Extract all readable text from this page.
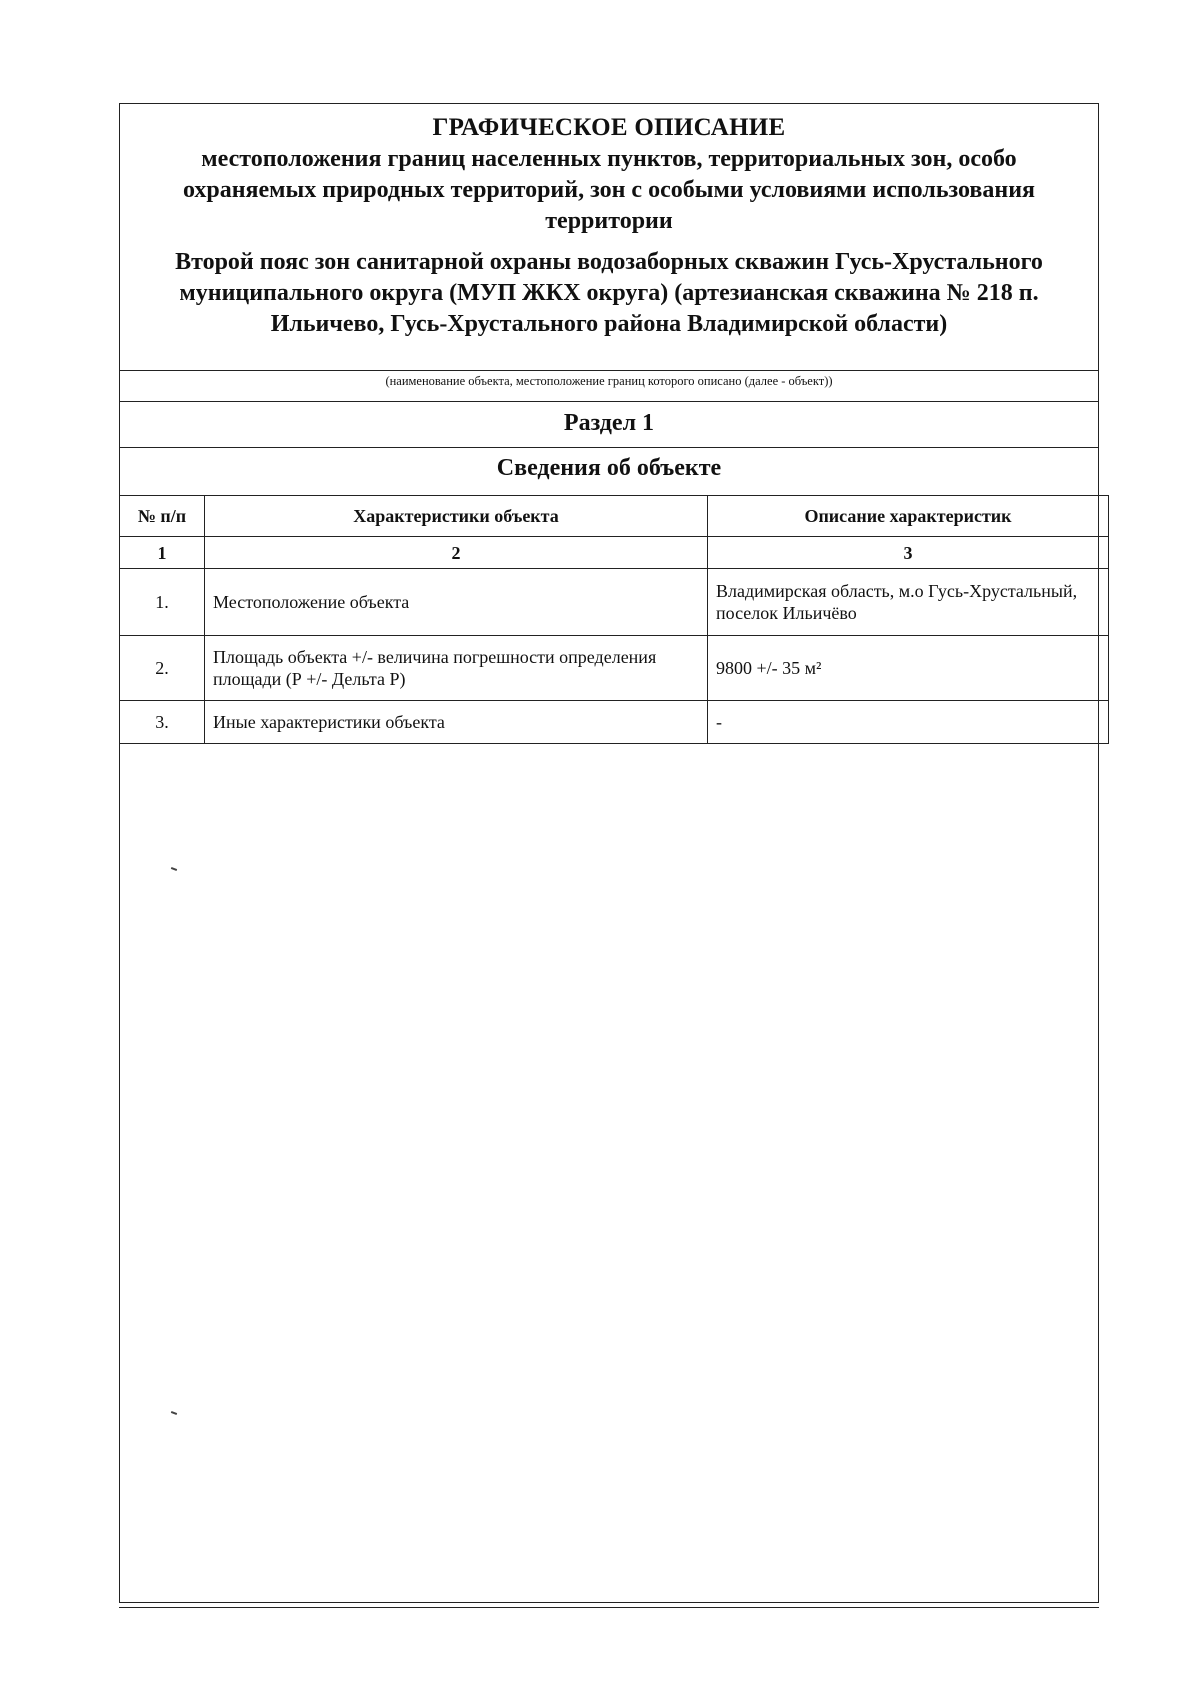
ГРАФИЧЕСКОЕ ОПИСАНИЕ
местоположения границ населенных пунктов, территориальных зон, особо охраняемых природных территорий, зон с особыми условиями использования территории
Второй пояс зон санитарной охраны водозаборных скважин Гусь-Хрустального муниципального округа (МУП ЖКХ округа) (артезианская скважина № 218 п. Ильичево, Гусь-Хрустального района Владимирской области)
(наименование объекта, местоположение границ которого описано (далее - объект))
Раздел 1
Сведения об объекте
№ п/п	Характеристики объекта	Описание характеристик
1	2	3
1.	Местоположение объекта	Владимирская область, м.о Гусь-Хрустальный, поселок Ильичёво
2.	Площадь объекта +/- величина погрешности определения площади (Р +/- Дельта Р)	9800 +/- 35 м²
3.	Иные характеристики объекта	-
